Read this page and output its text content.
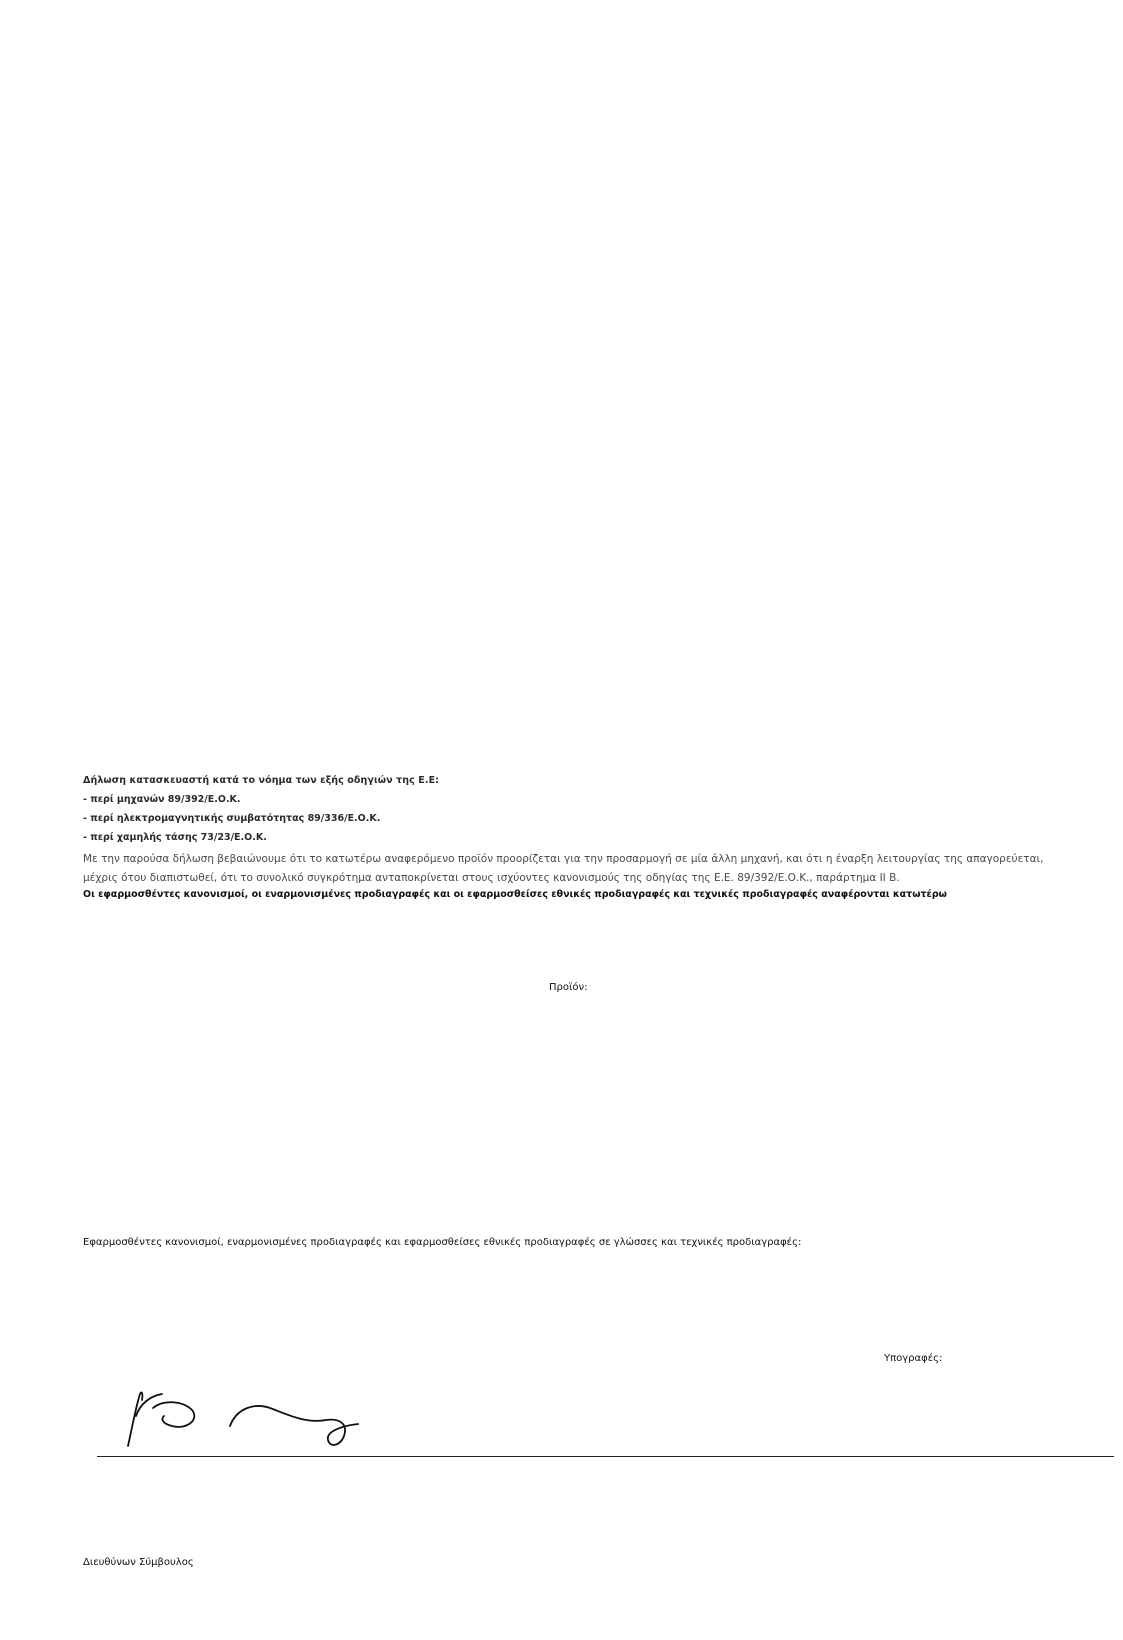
Δήλωση κατασκευαστή κατά το νόημα των εξής οδηγιών της Ε.Ε:

- περί μηχανών 89/392/Ε.Ο.Κ.
- περί ηλεκτρομαγνητικής συμβατότητας 89/336/Ε.Ο.Κ.
- περί χαμηλής τάσης 73/23/Ε.Ο.Κ.

Με την παρούσα δήλωση βεβαιώνουμε ότι το κατωτέρω αναφερόμενο προϊόν προορίζεται για την προσαρμογή σε μία άλλη μηχανή, και ότι η έναρξη λειτουργίας της απαγορεύεται, μέχρις ότου διαπιστωθεί, ότι το συνολικό συγκρότημα ανταποκρίνεται στους ισχύοντες κανονισμούς της οδηγίας της Ε.Ε. 89/392/Ε.Ο.Κ., παράρτημα ΙΙ Β.

Οι εφαρμοσθέντες κανονισμοί, οι εναρμονισμένες προδιαγραφές και οι εφαρμοσθείσες εθνικές προδιαγραφές και τεχνικές προδιαγραφές αναφέρονται κατωτέρω

Προϊόν:

Εφαρμοσθέντες κανονισμοί, εναρμονισμένες προδιαγραφές και εφαρμοσθείσες εθνικές προδιαγραφές σε γλώσσες και τεχνικές προδιαγραφές:

Υπογραφές:

Διευθύνων Σύμβουλος
